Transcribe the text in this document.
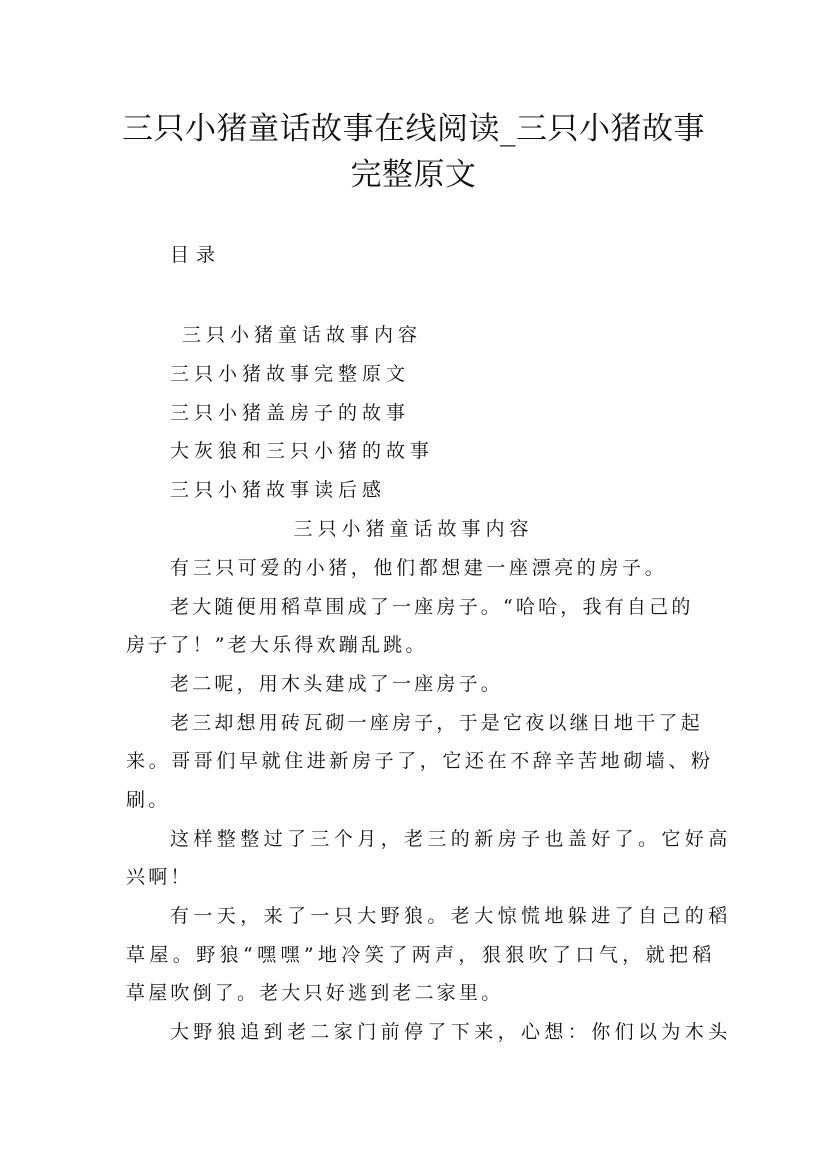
三只小猪童话故事在线阅读_三只小猪故事
完整原文
目录
三只小猪童话故事内容
三只小猪故事完整原文
三只小猪盖房子的故事
大灰狼和三只小猪的故事
三只小猪故事读后感
三只小猪童话故事内容
有三只可爱的小猪，他们都想建一座漂亮的房子。
老大随便用稻草围成了一座房子。“哈哈，我有自己的
房子了！”老大乐得欢蹦乱跳。
老二呢，用木头建成了一座房子。
老三却想用砖瓦砌一座房子，于是它夜以继日地干了起
来。哥哥们早就住进新房子了，它还在不辞辛苦地砌墙、粉
刷。
这样整整过了三个月，老三的新房子也盖好了。它好高
兴啊！
有一天，来了一只大野狼。老大惊慌地躲进了自己的稻
草屋。野狼“嘿嘿”地冷笑了两声，狠狠吹了口气，就把稻
草屋吹倒了。老大只好逃到老二家里。
大野狼追到老二家门前停了下来，心想：你们以为木头
